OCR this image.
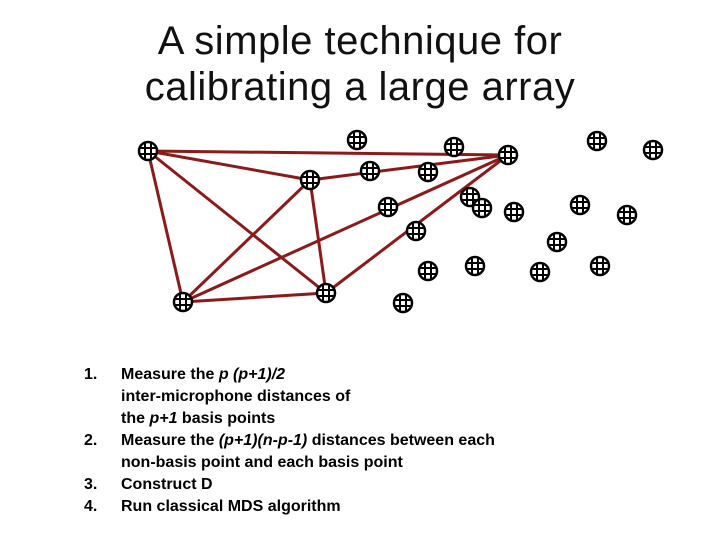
A simple technique for
calibrating a large array
1.	Measure the p (p+1)/2
inter-microphone distances of
the p+1 basis points
2.	Measure the (p+1)(n-p-1) distances between each
non-basis point and each basis point
3.	Construct D
4.	Run classical MDS algorithm
